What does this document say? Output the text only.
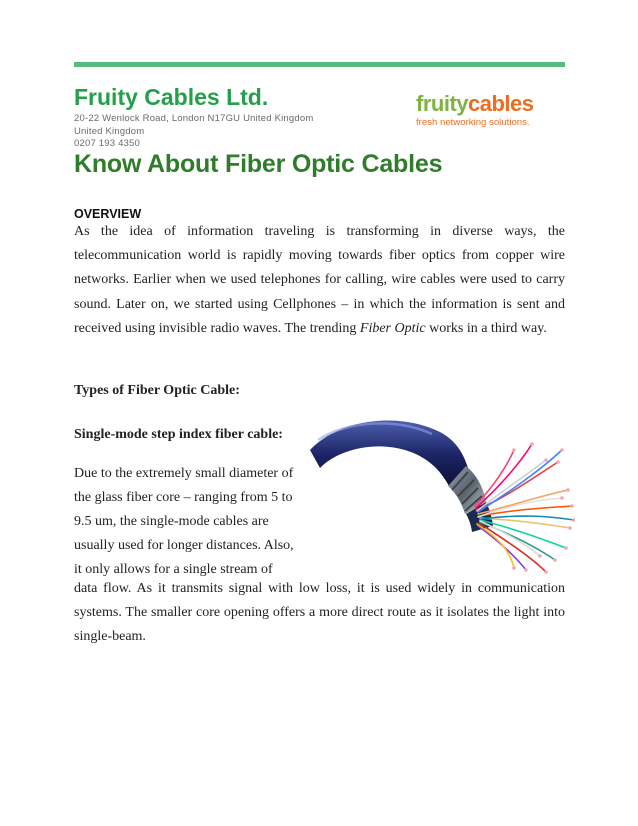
Fruity Cables Ltd.
20-22 Wenlock Road, London N17GU United Kingdom
United Kingdom
0207 193 4350
fruitycables
fresh networking solutions.
Know About Fiber Optic Cables
OVERVIEW

As the idea of information traveling is transforming in diverse ways, the telecommunication world is rapidly moving towards fiber optics from copper wire networks. Earlier when we used telephones for calling, wire cables were used to carry sound. Later on, we started using Cellphones – in which the information is sent and received using invisible radio waves. The trending Fiber Optic works in a third way.

Types of Fiber Optic Cable:
Single-mode step index fiber cable:
Due to the extremely small diameter of
the glass fiber core – ranging from 5 to
9.5 um, the single-mode cables are
usually used for longer distances. Also,
it only allows for a single stream of

data flow. As it transmits signal with low loss, it is used widely in communication systems. The smaller core opening offers a more direct route as it isolates the light into single-beam.
